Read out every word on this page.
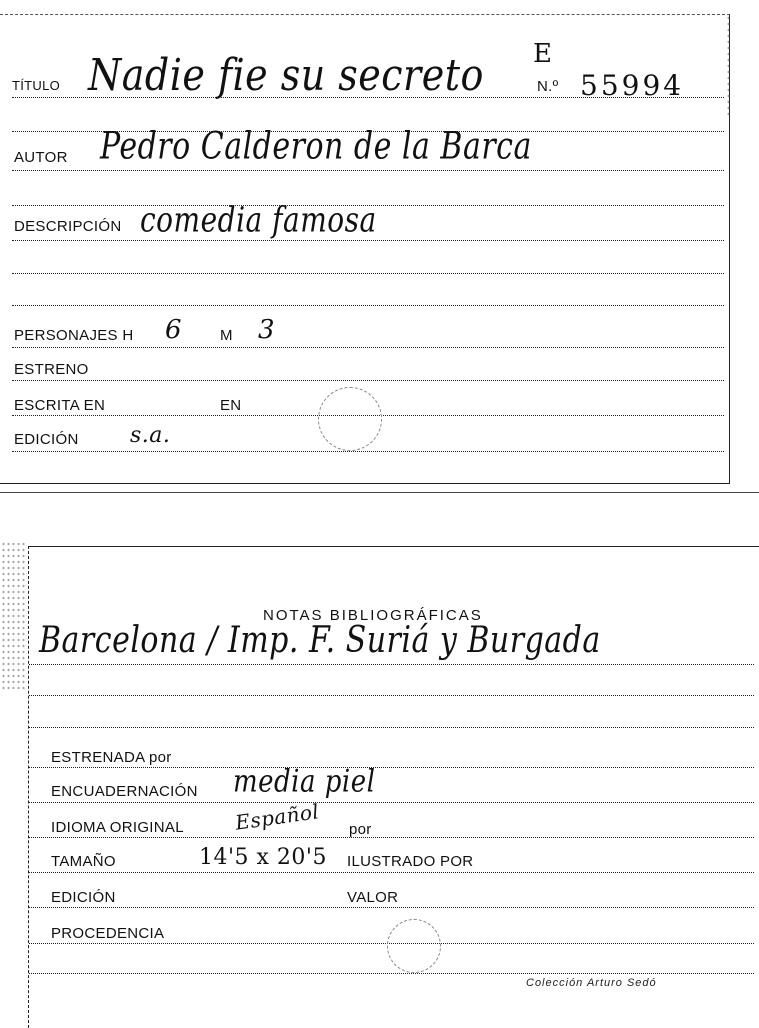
TÍTULO Nadie fie su secreto E
N.º 55994
AUTOR Pedro Calderon de la Barca
DESCRIPCIÓN comedia famosa
PERSONAJES H 6	M 3
ESTRENO
ESCRITA EN	EN
EDICIÓN s.a.
NOTAS BIBLIOGRÁFICAS
Barcelona / Imp. F. Suriá y Burgada
ESTRENADA por
ENCUADERNACIÓN media piel
IDIOMA ORIGINAL Español por
TAMAÑO	14'5 x 20'5 ILUSTRADO POR
EDICIÓN	VALOR
PROCEDENCIA
Colección Arturo Sedó
